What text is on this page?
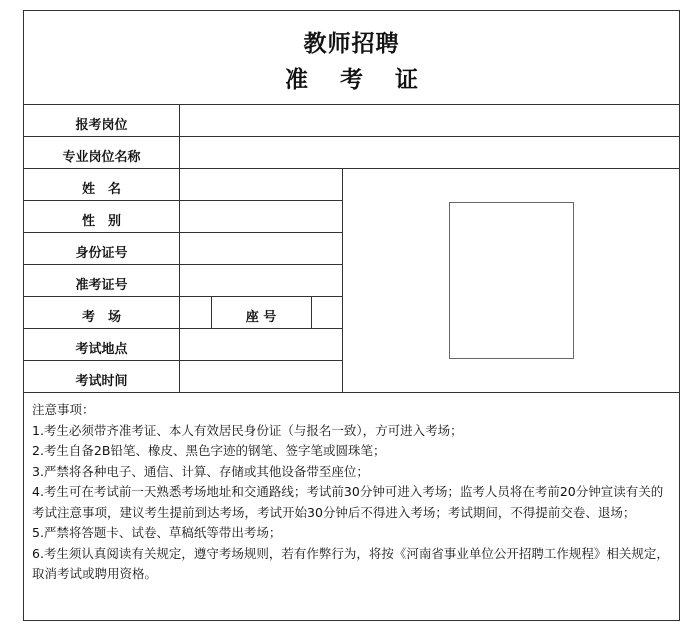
教师招聘
准 考 证
报考岗位
专业岗位名称
姓　名
性　别
身份证号
准考证号
考　场	座 号
考试地点
考试时间
注意事项：
1.考生必须带齐准考证、本人有效居民身份证（与报名一致），方可进入考场；
2.考生自备2B铅笔、橡皮、黑色字迹的钢笔、签字笔或圆珠笔；
3.严禁将各种电子、通信、计算、存储或其他设备带至座位；
4.考生可在考试前一天熟悉考场地址和交通路线；考试前30分钟可进入考场；监考人员将在考前20分钟宣读有关的考试注意事项，建议考生提前到达考场，考试开始30分钟后不得进入考场；考试期间，不得提前交卷、退场；
5.严禁将答题卡、试卷、草稿纸等带出考场；
6.考生须认真阅读有关规定，遵守考场规则，若有作弊行为，将按《河南省事业单位公开招聘工作规程》相关规定，取消考试或聘用资格。
